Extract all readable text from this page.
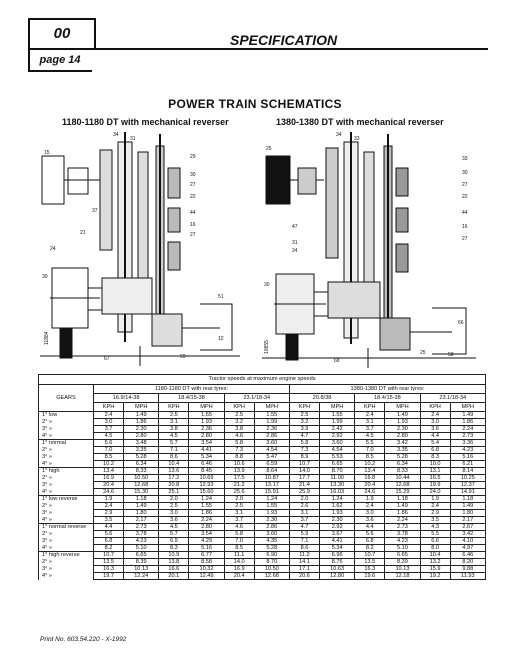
00
page 14
SPECIFICATION
POWER TRAIN SCHEMATICS
1180-1180 DT with mechanical reverser	1380-1380 DT with mechanical reverser
34
31
15
29
30
27
22
44
16
27
37
21
24
30
51
12
59
67
11884
34
33
25
33
30
27
22
44
16
27
47
31
24
30
66
58
68
25
10855
Tractor speeds at maximum engine speeds
GEARS	1180-1180 DT with rear tyres:						1380-1380 DT with rear tyres:					
	16.9/14-38		18.4/15-38		23.1/18-34		20.8/38		18.4/15-38		23.1/18-34	
	KPH	MPH	KPH	MPH	KPH	MPH	KPH	MPH	KPH	MPH	KPH	MPH
1° low	2.4	1.49	2.5	1.55	2.5	1.55	2.5	1.55	2.4	1.49	2.4	1.49
2° »	3.0	1.86	3.1	1.93	3.2	1.99	3.2	1.99	3.1	1.93	3.0	1.86
3° »	3.7	2.30	3.8	2.36	3.8	2.36	3.9	2.42	3.7	2.30	3.6	2.24
4° »	4.5	2.80	4.5	2.80	4.6	2.86	4.7	2.92	4.5	2.80	4.4	2.73
1° normal	5.6	3.48	5.7	3.54	5.8	3.60	5.8	3.60	5.5	3.42	5.4	3.36
2° »	7.0	3.35	7.1	4.41	7.3	4.54	7.3	4.54	7.0	3.35	6.8	4.23
3° »	8.5	5.28	8.6	5.34	8.8	5.47	8.9	5.53	8.5	5.28	8.3	5.16
4° »	10.2	6.34	10.4	6.46	10.6	6.59	10.7	6.65	10.2	6.34	10.0	6.21
1° high	13.4	8.33	13.6	8.45	13.9	8.64	14.0	8.70	13.4	8.33	13.1	8.14
2° »	16.9	10.50	17.2	10.69	17.5	10.87	17.7	11.00	16.8	10.44	16.5	10.25
3° »	20.4	12.68	20.8	12.93	21.2	13.17	21.4	13.30	20.4	12.68	19.9	12.37
4° »	24.6	15.30	25.1	15.60	25.6	15.91	25.9	16.03	24.6	15.29	24.0	14.91
1° low reverse	1.9	1.18	2.0	1.24	2.0	1.24	2.0	1.24	1.9	1.18	1.9	1.18
2° »	2.4	1.49	2.5	1.55	2.5	1.55	2.6	1.62	2.4	1.49	2.4	1.49
3° »	2.9	1.80	3.0	1.86	3.1	1.93	3.1	1.93	3.0	1.86	2.9	1.80
4° »	3.5	2.17	3.6	2.24	3.7	2.30	3.7	2.30	3.6	2.24	3.5	2.17
1° normal reverse	4.4	2.73	4.5	2.80	4.6	2.86	4.7	2.92	4.4	2.73	4.3	2.67
2° »	5.6	3.78	5.7	3.54	5.8	3.60	5.9	3.67	5.6	3.78	5.5	3.42
3° »	6.8	4.23	6.9	4.29	7.0	4.35	7.1	4.41	6.8	4.23	6.6	4.10
4° »	8.2	5.10	8.3	5.16	8.5	5.28	8.6	5.34	8.2	5.10	8.0	4.97
1° high reverse	10.7	6.65	10.9	6.77	11.1	6.90	11.2	6.96	10.7	6.65	10.4	6.46
2° »	13.5	8.39	13.8	8.58	14.0	8.70	14.1	8.76	13.5	8.39	13.2	8.20
3° »	16.3	10.13	16.6	10.32	16.9	10.50	17.1	10.63	16.3	10.13	15.9	9.88
4° »	19.7	12.24	20.1	12.49	20.4	12.68	20.6	12.80	19.6	12.18	19.2	11.93
Print No. 603.54.220 - X-1992
